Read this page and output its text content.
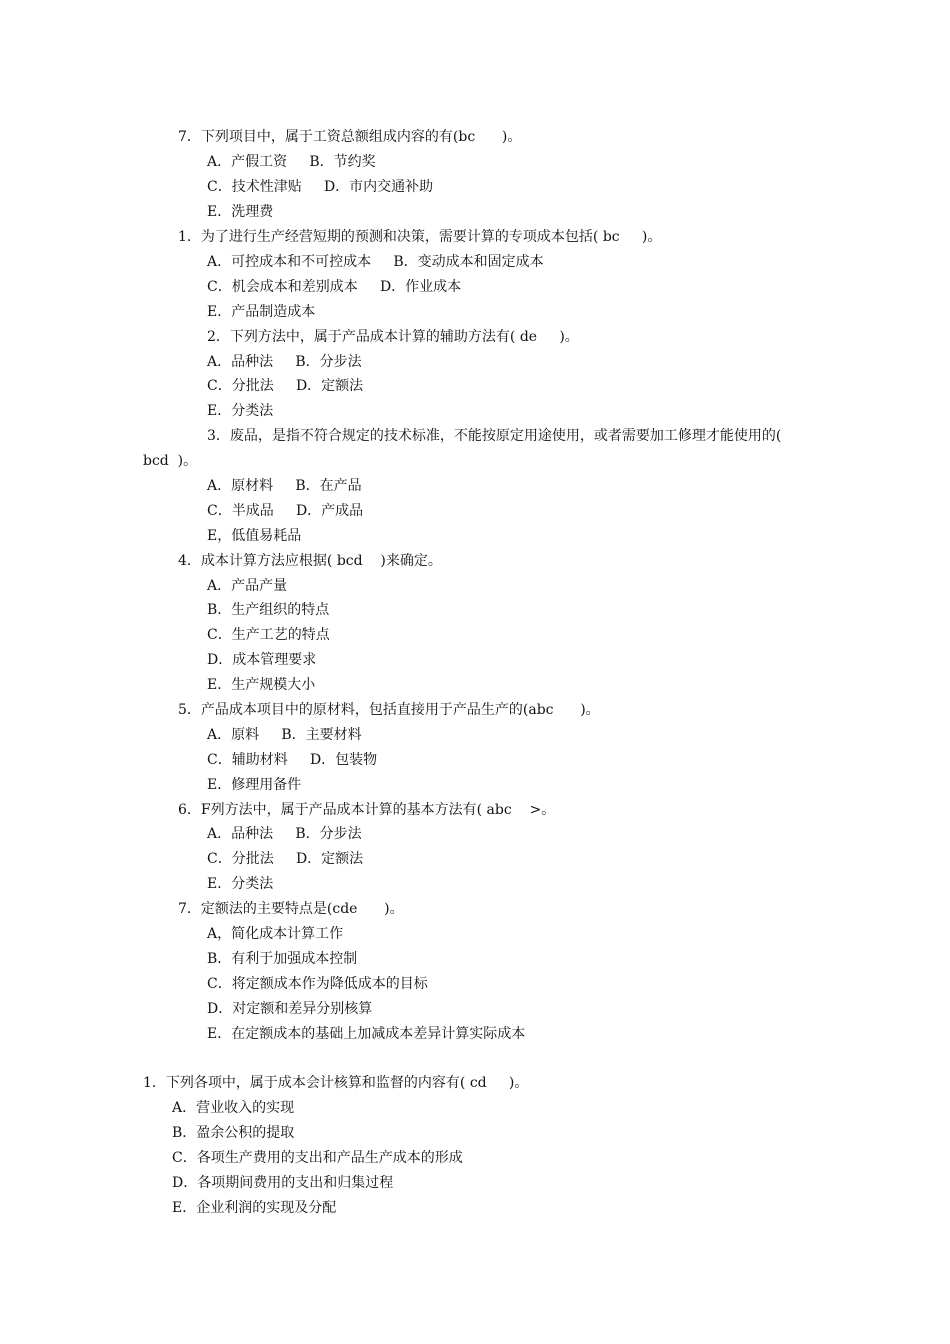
7．下列项目中，属于工资总额组成内容的有(bc      )。
A．产假工资     B．节约奖
C．技术性津贴     D．市内交通补助
E．洗理费
1．为了进行生产经营短期的预测和决策，需要计算的专项成本包括( bc     )。
A．可控成本和不可控成本     B．变动成本和固定成本
C．机会成本和差别成本     D．作业成本
E．产品制造成本
2．下列方法中，属于产品成本计算的辅助方法有( de     )。
A．品种法     B．分步法
C．分批法     D．定额法
E．分类法
3．废品，是指不符合规定的技术标准，不能按原定用途使用，或者需要加工修理才能使用的(
bcd  )。
A．原材料     B．在产品
C．半成品     D．产成品
E，低值易耗品
4．成本计算方法应根据( bcd    )来确定。
A．产品产量
B．生产组织的特点
C．生产工艺的特点
D．成本管理要求
E．生产规模大小
5．产品成本项目中的原材料，包括直接用于产品生产的(abc      )。
A．原料     B．主要材料
C．辅助材料     D．包装物
E．修理用备件
6．F列方法中，属于产品成本计算的基本方法有( abc    >。
A．品种法     B．分步法
C．分批法     D．定额法
E．分类法
7．定额法的主要特点是(cde      )。
A，简化成本计算工作
B．有利于加强成本控制
C．将定额成本作为降低成本的目标
D．对定额和差异分别核算
E．在定额成本的基础上加减成本差异计算实际成本
1．下列各项中，属于成本会计核算和监督的内容有( cd     )。
A．营业收入的实现
B．盈余公积的提取
C．各项生产费用的支出和产品生产成本的形成
D．各项期间费用的支出和归集过程
E．企业利润的实现及分配
